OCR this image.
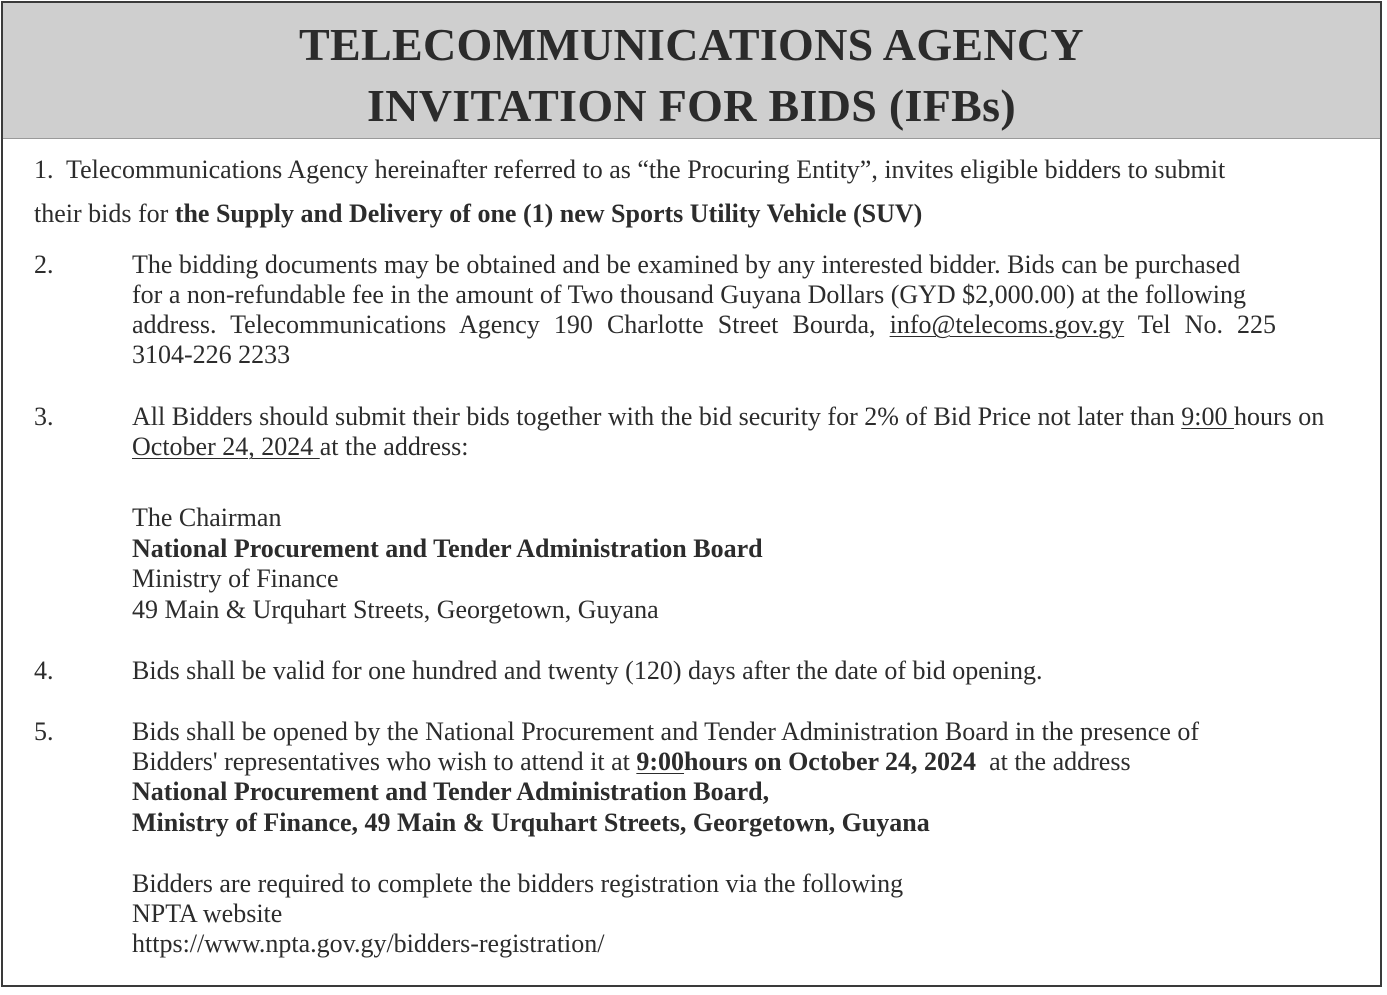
TELECOMMUNICATIONS AGENCY
INVITATION FOR BIDS (IFBs)
1. Telecommunications Agency hereinafter referred to as “the Procuring Entity”, invites eligible bidders to submit
their bids for the Supply and Delivery of one (1) new Sports Utility Vehicle (SUV)
2.	The bidding documents may be obtained and be examined by any interested bidder. Bids can be purchased
for a non-refundable fee in the amount of Two thousand Guyana Dollars (GYD $2,000.00) at the following
address. Telecommunications Agency 190 Charlotte Street Bourda, info@telecoms.gov.gy Tel No. 225
3104-226 2233
3.	All Bidders should submit their bids together with the bid security for 2% of Bid Price not later than 9:00 hours on
October 24, 2024 at the address:
The Chairman
National Procurement and Tender Administration Board
Ministry of Finance
49 Main & Urquhart Streets, Georgetown, Guyana
4.	Bids shall be valid for one hundred and twenty (120) days after the date of bid opening.
5.	Bids shall be opened by the National Procurement and Tender Administration Board in the presence of
Bidders' representatives who wish to attend it at 9:00hours on October 24, 2024  at the address
National Procurement and Tender Administration Board,
Ministry of Finance, 49 Main & Urquhart Streets, Georgetown, Guyana
Bidders are required to complete the bidders registration via the following
NPTA website
https://www.npta.gov.gy/bidders-registration/
